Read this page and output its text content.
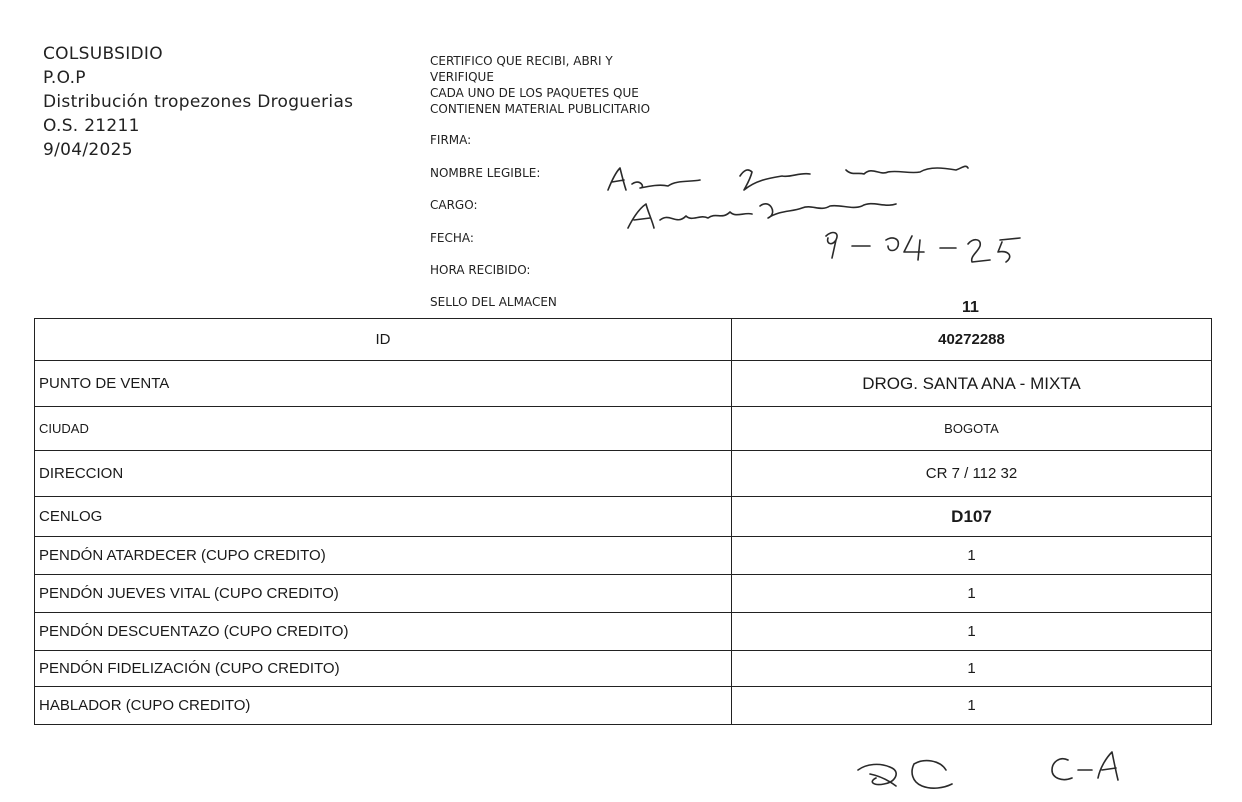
COLSUBSIDIO
P.O.P
Distribución tropezones Droguerias
O.S. 21211
9/04/2025
CERTIFICO QUE RECIBI, ABRI Y
VERIFIQUE
CADA UNO DE LOS PAQUETES QUE
CONTIENEN MATERIAL PUBLICITARIO
FIRMA:
NOMBRE LEGIBLE:
CARGO:
FECHA:
HORA RECIBIDO:
SELLO DEL ALMACEN	11
ID	40272288
PUNTO DE VENTA	DROG. SANTA ANA - MIXTA
CIUDAD	BOGOTA
DIRECCION	CR 7 / 112 32
CENLOG	D107
PENDÓN ATARDECER (CUPO CREDITO)	1
PENDÓN JUEVES VITAL (CUPO CREDITO)	1
PENDÓN DESCUENTAZO (CUPO CREDITO)	1
PENDÓN FIDELIZACIÓN (CUPO CREDITO)	1
HABLADOR (CUPO CREDITO)	1
